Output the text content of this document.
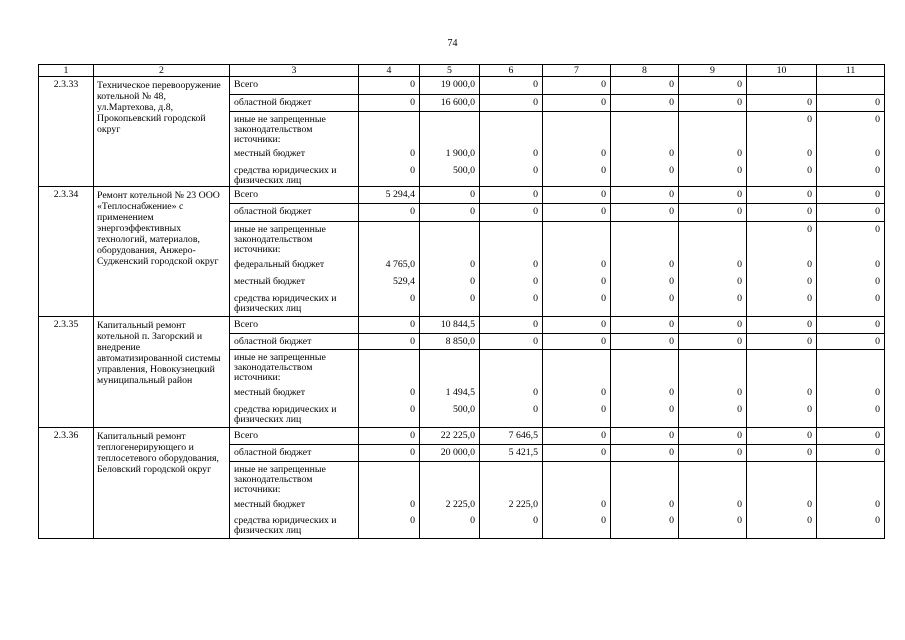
74
1	2	3	4	5	6	7	8	9	10	11
2.3.33	Техническое перевооружение котельной № 48, ул.Мартехова, д.8, Прокопьевский городской округ	Всего	0	19 000,0	0	0	0	0		
		областной бюджет	0	16 600,0	0	0	0	0	0	0
		иные не запрещенные законодательством источники:							0	0
		местный бюджет	0	1 900,0	0	0	0	0	0	0
		средства юридических и физических лиц	0	500,0	0	0	0	0	0	0
2.3.34	Ремонт котельной № 23 ООО «Теплоснабжение» с применением энергоэффективных технологий, материалов, оборудования, Анжеро-Судженский городской округ	Всего	5 294,4	0	0	0	0	0	0	0
		областной бюджет	0	0	0	0	0	0	0	0
		иные не запрещенные законодательством источники:							0	0
		федеральный бюджет	4 765,0	0	0	0	0	0	0	0
		местный бюджет	529,4	0	0	0	0	0	0	0
		средства юридических и физических лиц	0	0	0	0	0	0	0	0
2.3.35	Капитальный ремонт котельной п. Загорский и внедрение автоматизированной системы управления, Новокузнецкий муниципальный район	Всего	0	10 844,5	0	0	0	0	0	0
		областной бюджет	0	8 850,0	0	0	0	0	0	0
		иные не запрещенные законодательством источники:								
		местный бюджет	0	1 494,5	0	0	0	0	0	0
		средства юридических и физических лиц	0	500,0	0	0	0	0	0	0
2.3.36	Капитальный ремонт теплогенерирующего и теплосетевого оборудования, Беловский городской округ	Всего	0	22 225,0	7 646,5	0	0	0	0	0
		областной бюджет	0	20 000,0	5 421,5	0	0	0	0	0
		иные не запрещенные законодательством источники:								
		местный бюджет	0	2 225,0	2 225,0	0	0	0	0	0
		средства юридических и физических лиц	0	0	0	0	0	0	0	0
